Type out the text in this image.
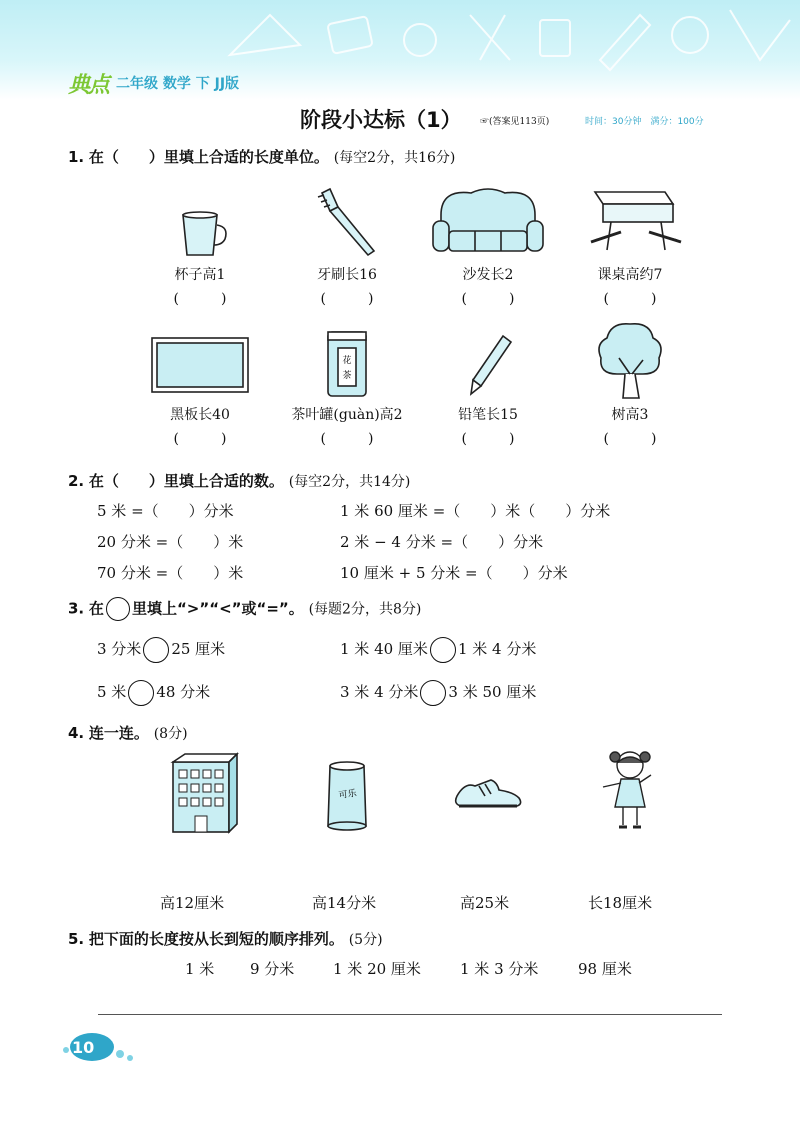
典点 二年级 数学 下 JJ版
阶段小达标（1） ☞(答案见113页)	时间：30分钟　满分：100分
1. 在（　　）里填上合适的长度单位。 (每空2分，共16分)
杯子高1
(　　　)
牙刷长16
(　　　)
沙发长2
(　　　)
课桌高约7
(　　　)
黑板长40
(　　　)
花
茶
茶叶罐(guàn)高2
(　　　)
铅笔长15
(　　　)
树高3
(　　　)
2. 在（　　）里填上合适的数。 (每空2分，共14分)
5 米 =（　　）分米	1 米 60 厘米 =（　　）米（　　）分米
20 分米 =（　　）米	2 米 − 4 分米 =（　　）分米
70 分米 =（　　）米	10 厘米 + 5 分米 =（　　）分米
3. 在 里填上“>”“<”或“=”。 (每题2分，共8分)
3 分米 25 厘米	1 米 40 厘米 1 米 4 分米
5 米 48 分米	3 米 4 分米 3 米 50 厘米
4. 连一连。 (8分)
可乐
高12厘米	高14分米	高25米	长18厘米
5. 把下面的长度按从长到短的顺序排列。 (5分)
1 米 9 分米	1 米 20 厘米	1 米 3 分米	98 厘米
10
